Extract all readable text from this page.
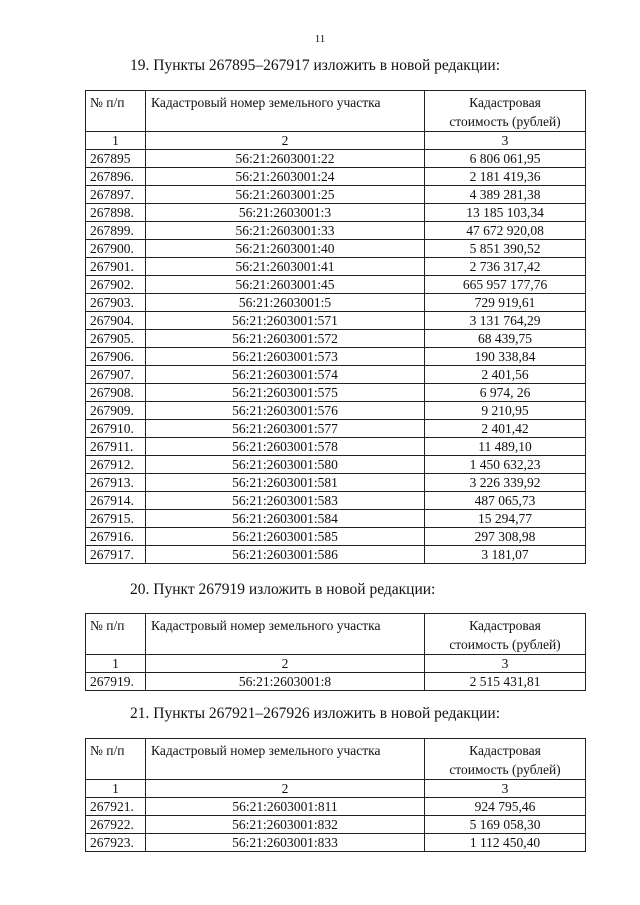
11
19. Пункты 267895–267917 изложить в новой редакции:
№ п/п	Кадастровый номер земельного участка	Кадастровая
стоимость (рублей)
1	2	3
267895	56:21:2603001:22	6 806 061,95
267896.	56:21:2603001:24	2 181 419,36
267897.	56:21:2603001:25	4 389 281,38
267898.	56:21:2603001:3	13 185 103,34
267899.	56:21:2603001:33	47 672 920,08
267900.	56:21:2603001:40	5 851 390,52
267901.	56:21:2603001:41	2 736 317,42
267902.	56:21:2603001:45	665 957 177,76
267903.	56:21:2603001:5	729 919,61
267904.	56:21:2603001:571	3 131 764,29
267905.	56:21:2603001:572	68 439,75
267906.	56:21:2603001:573	190 338,84
267907.	56:21:2603001:574	2 401,56
267908.	56:21:2603001:575	6 974, 26
267909.	56:21:2603001:576	9 210,95
267910.	56:21:2603001:577	2 401,42
267911.	56:21:2603001:578	11 489,10
267912.	56:21:2603001:580	1 450 632,23
267913.	56:21:2603001:581	3 226 339,92
267914.	56:21:2603001:583	487 065,73
267915.	56:21:2603001:584	15 294,77
267916.	56:21:2603001:585	297 308,98
267917.	56:21:2603001:586	3 181,07
20. Пункт 267919 изложить в новой редакции:
№ п/п	Кадастровый номер земельного участка	Кадастровая
стоимость (рублей)
1	2	3
267919.	56:21:2603001:8	2 515 431,81
21. Пункты 267921–267926 изложить в новой редакции:
№ п/п	Кадастровый номер земельного участка	Кадастровая
стоимость (рублей)
1	2	3
267921.	56:21:2603001:811	924 795,46
267922.	56:21:2603001:832	5 169 058,30
267923.	56:21:2603001:833	1 112 450,40
